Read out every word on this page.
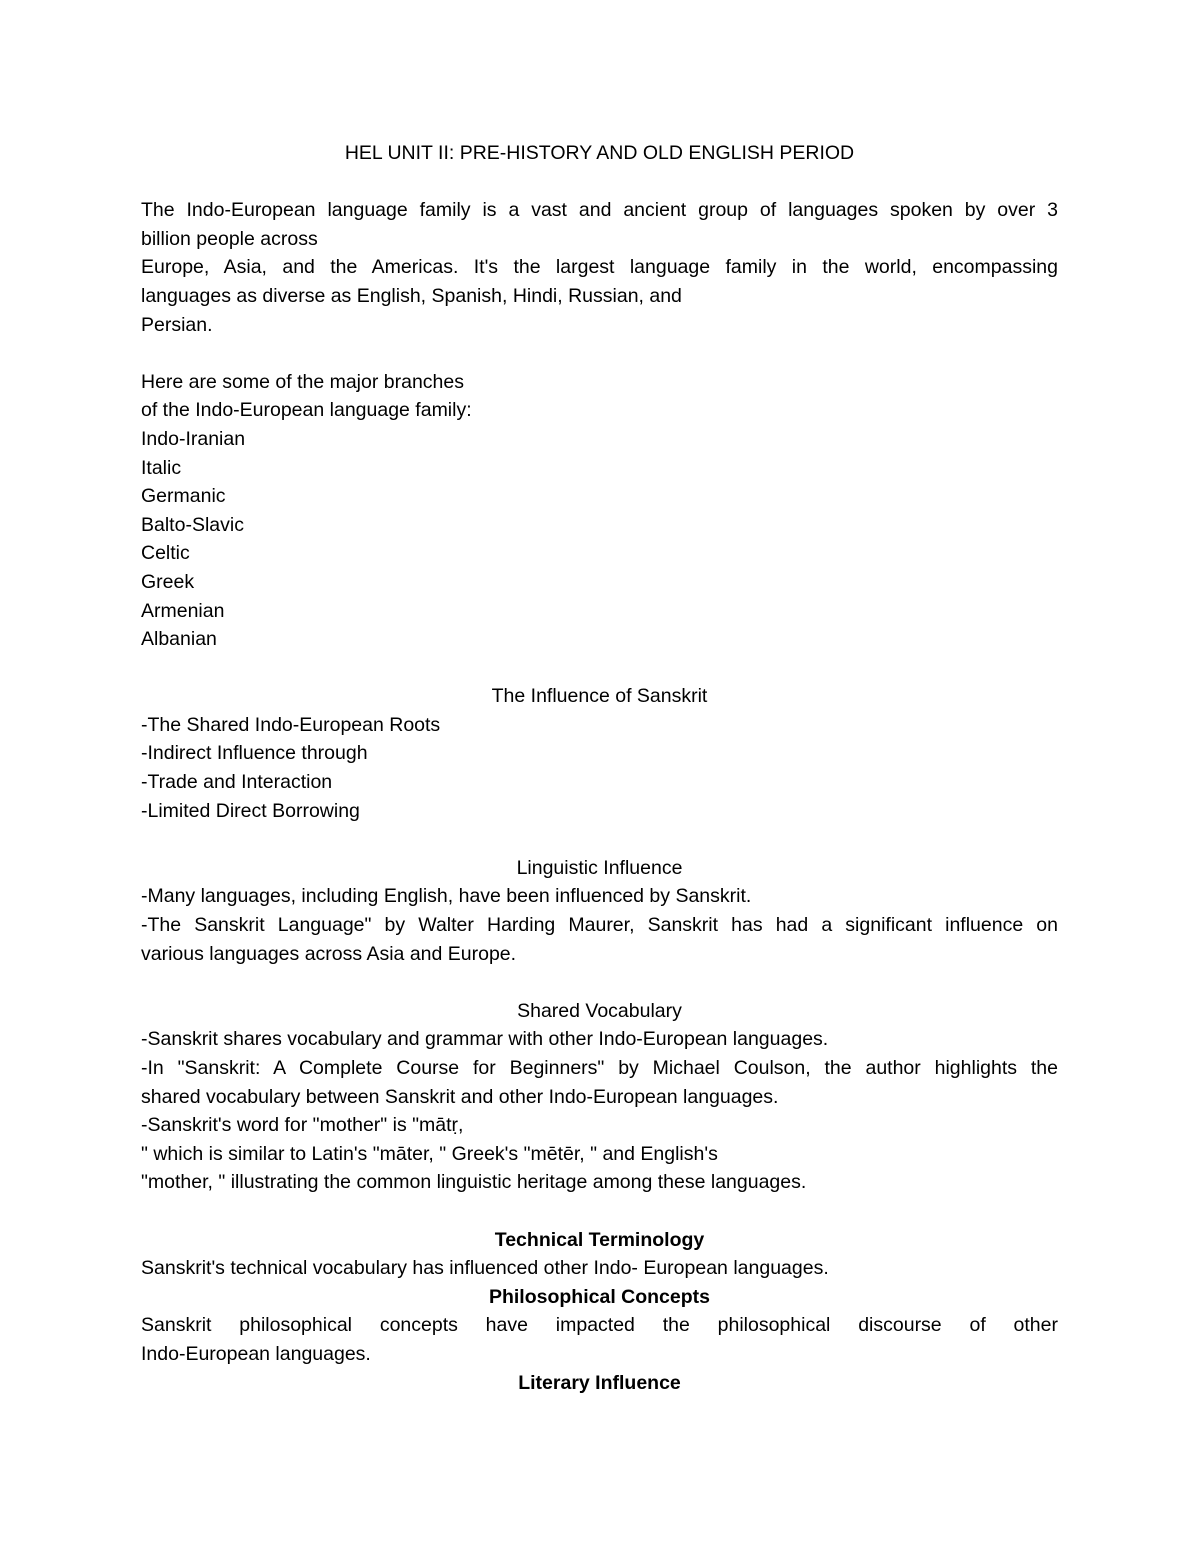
HEL UNIT II: PRE-HISTORY AND OLD ENGLISH PERIOD
The Indo-European language family is a vast and ancient group of languages spoken by over 3
billion people across
Europe, Asia, and the Americas. It's the largest language family in the world, encompassing
languages as diverse as English, Spanish, Hindi, Russian, and
Persian.
Here are some of the major branches
of the Indo-European language family:
Indo-Iranian
Italic
Germanic
Balto-Slavic
Celtic
Greek
Armenian
Albanian
The Influence of Sanskrit
-The Shared Indo-European Roots
-Indirect Influence through
-Trade and Interaction
-Limited Direct Borrowing
Linguistic Influence
-Many languages, including English, have been influenced by Sanskrit.
-The Sanskrit Language" by Walter Harding Maurer, Sanskrit has had a significant influence on
various languages across Asia and Europe.
Shared Vocabulary
-Sanskrit shares vocabulary and grammar with other Indo-European languages.
-In "Sanskrit: A Complete Course for Beginners" by Michael Coulson, the author highlights the
shared vocabulary between Sanskrit and other Indo-European languages.
-Sanskrit's word for "mother" is "mātṛ,
" which is similar to Latin's "māter, " Greek's "mētēr, " and English's
"mother, " illustrating the common linguistic heritage among these languages.
Technical Terminology
Sanskrit's technical vocabulary has influenced other Indo- European languages.
Philosophical Concepts
Sanskrit philosophical concepts have impacted the philosophical discourse of other
Indo-European languages.
Literary Influence
